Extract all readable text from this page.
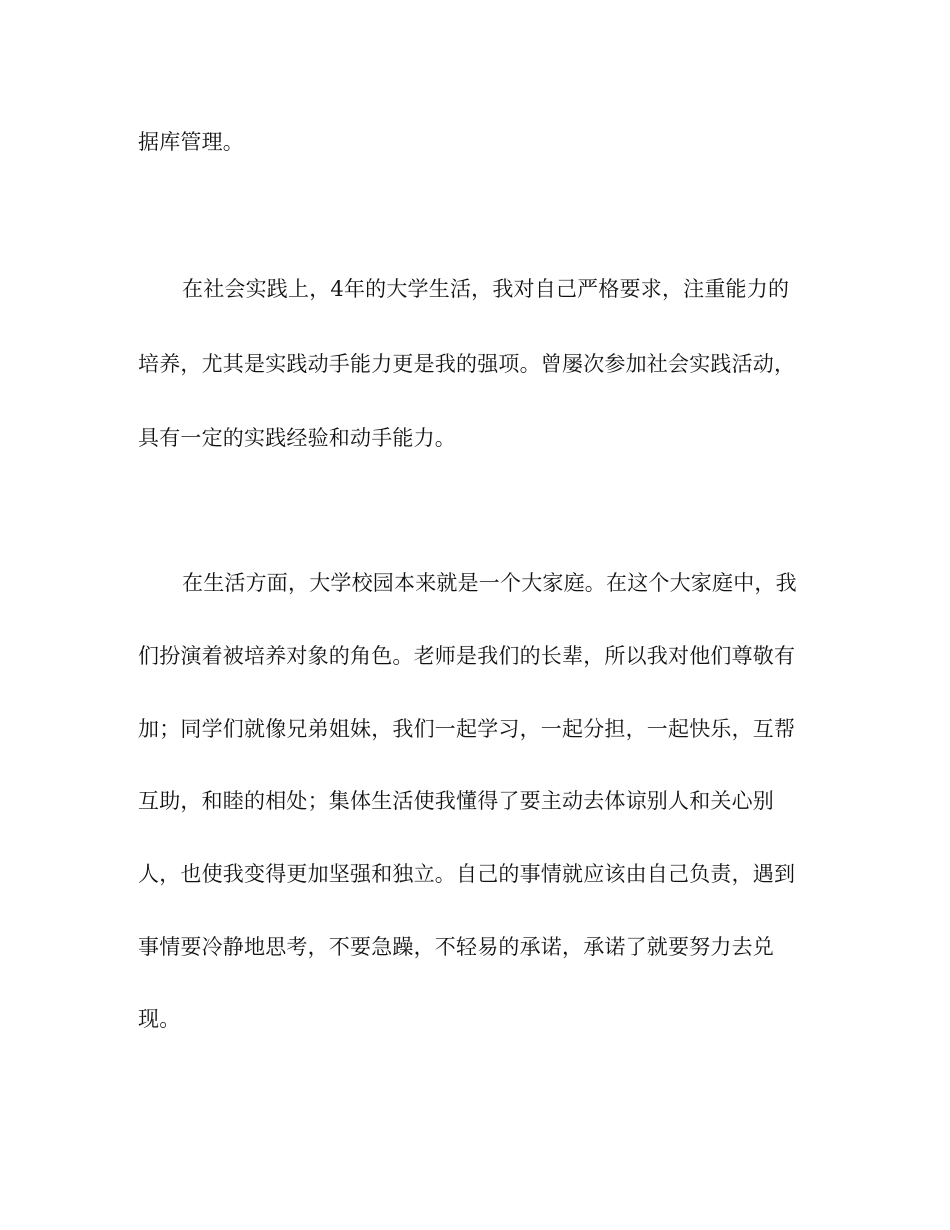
据库管理。

在社会实践上，4年的大学生活，我对自己严格要求，注重能力的

培养，尤其是实践动手能力更是我的强项。曾屡次参加社会实践活动，

具有一定的实践经验和动手能力。

在生活方面，大学校园本来就是一个大家庭。在这个大家庭中，我

们扮演着被培养对象的角色。老师是我们的长辈，所以我对他们尊敬有

加；同学们就像兄弟姐妹，我们一起学习，一起分担，一起快乐，互帮

互助，和睦的相处；集体生活使我懂得了要主动去体谅别人和关心别

人，也使我变得更加坚强和独立。自己的事情就应该由自己负责，遇到

事情要冷静地思考，不要急躁，不轻易的承诺，承诺了就要努力去兑

现。
